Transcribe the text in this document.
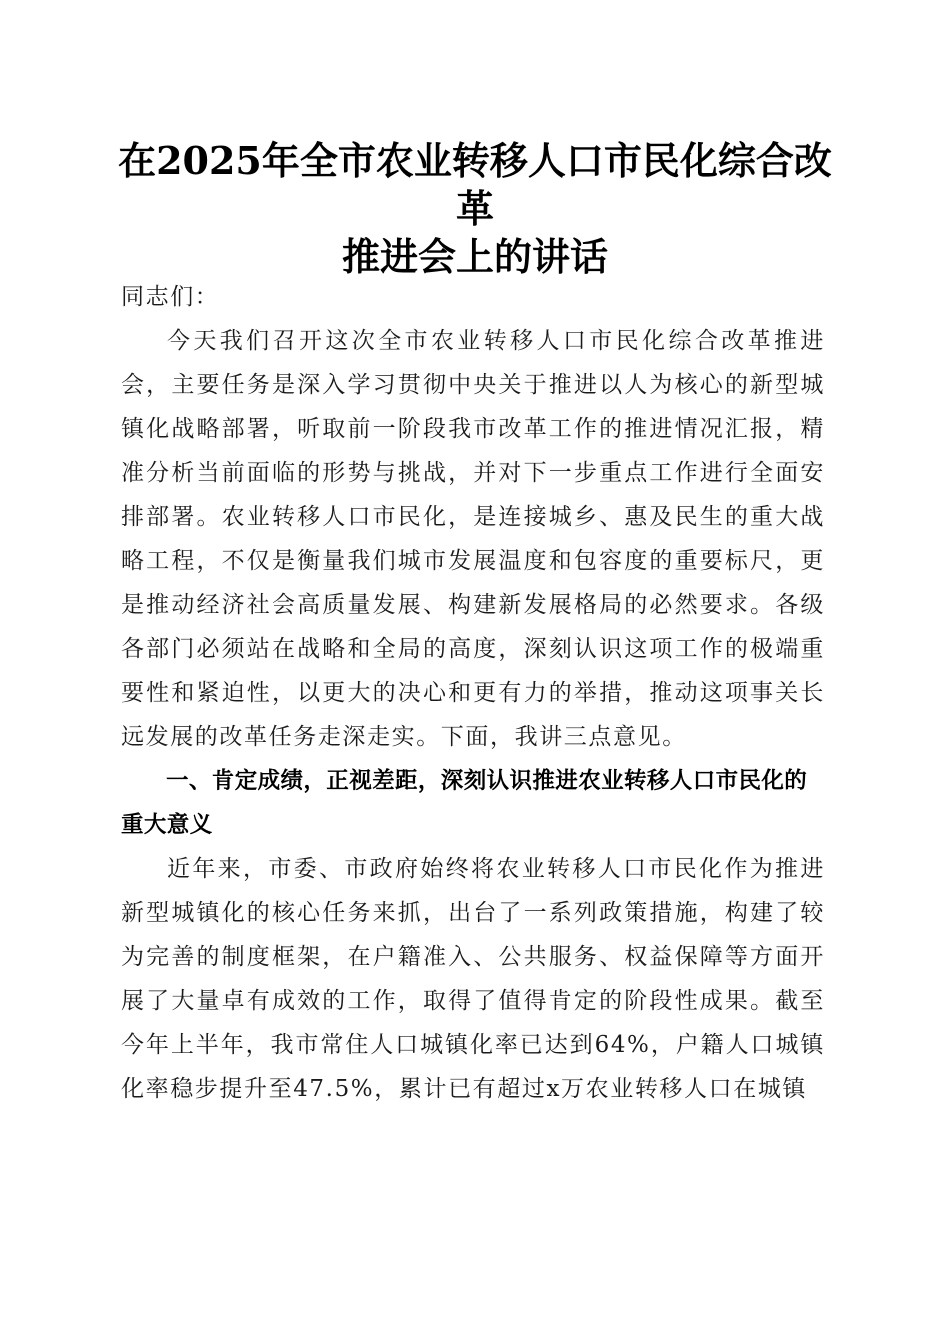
在2025年全市农业转移人口市民化综合改革
推进会上的讲话

同志们：

今天我们召开这次全市农业转移人口市民化综合改革推进会，主要任务是深入学习贯彻中央关于推进以人为核心的新型城镇化战略部署，听取前一阶段我市改革工作的推进情况汇报，精准分析当前面临的形势与挑战，并对下一步重点工作进行全面安排部署。农业转移人口市民化，是连接城乡、惠及民生的重大战略工程，不仅是衡量我们城市发展温度和包容度的重要标尺，更是推动经济社会高质量发展、构建新发展格局的必然要求。各级各部门必须站在战略和全局的高度，深刻认识这项工作的极端重要性和紧迫性，以更大的决心和更有力的举措，推动这项事关长远发展的改革任务走深走实。下面，我讲三点意见。

一、肯定成绩，正视差距，深刻认识推进农业转移人口市民化的重大意义

近年来，市委、市政府始终将农业转移人口市民化作为推进新型城镇化的核心任务来抓，出台了一系列政策措施，构建了较为完善的制度框架，在户籍准入、公共服务、权益保障等方面开展了大量卓有成效的工作，取得了值得肯定的阶段性成果。截至今年上半年，我市常住人口城镇化率已达到64%，户籍人口城镇化率稳步提升至47.5%，累计已有超过x万农业转移人口在城镇
